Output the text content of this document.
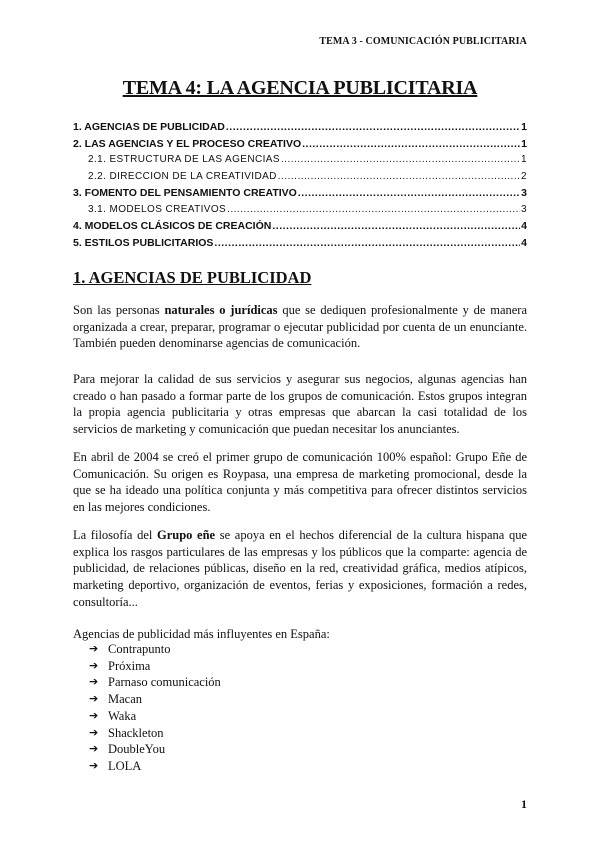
TEMA 3 - COMUNICACIÓN PUBLICITARIA
TEMA 4: LA AGENCIA PUBLICITARIA
1. AGENCIAS DE PUBLICIDAD .....	1
2. LAS AGENCIAS Y EL PROCESO CREATIVO .....	1
2.1. ESTRUCTURA DE LAS AGENCIAS .....	1
2.2. DIRECCIÓN DE LA CREATIVIDAD .....	2
3. FOMENTO DEL PENSAMIENTO CREATIVO .....	3
3.1. MODELOS CREATIVOS .....	3
4. MODELOS CLÁSICOS DE CREACIÓN .....	4
5. ESTILOS PUBLICITARIOS .....	4
1. AGENCIAS DE PUBLICIDAD

Son las personas naturales o jurídicas que se dediquen profesionalmente y de manera organizada a crear, preparar, programar o ejecutar publicidad por cuenta de un enunciante. También pueden denominarse agencias de comunicación.

Para mejorar la calidad de sus servicios y asegurar sus negocios, algunas agencias han creado o han pasado a formar parte de los grupos de comunicación. Estos grupos integran la propia agencia publicitaria y otras empresas que abarcan la casi totalidad de los servicios de marketing y comunicación que puedan necesitar los anunciantes.

En abril de 2004 se creó el primer grupo de comunicación 100% español: Grupo Eñe de Comunicación. Su origen es Roypasa, una empresa de marketing promocional, desde la que se ha ideado una política conjunta y más competitiva para ofrecer distintos servicios en las mejores condiciones.

La filosofía del Grupo eñe se apoya en el hechos diferencial de la cultura hispana que explica los rasgos particulares de las empresas y los públicos que la comparte: agencia de publicidad, de relaciones públicas, diseño en la red, creatividad gráfica, medios atípicos, marketing deportivo, organización de eventos, ferias y exposiciones, formación a redes, consultoría...

Agencias de publicidad más influyentes en España:

➔ Contrapunto
➔ Próxima
➔ Parnaso comunicación
➔ Macan
➔ Waka
➔ Shackleton
➔ DoubleYou
➔ LOLA
1
